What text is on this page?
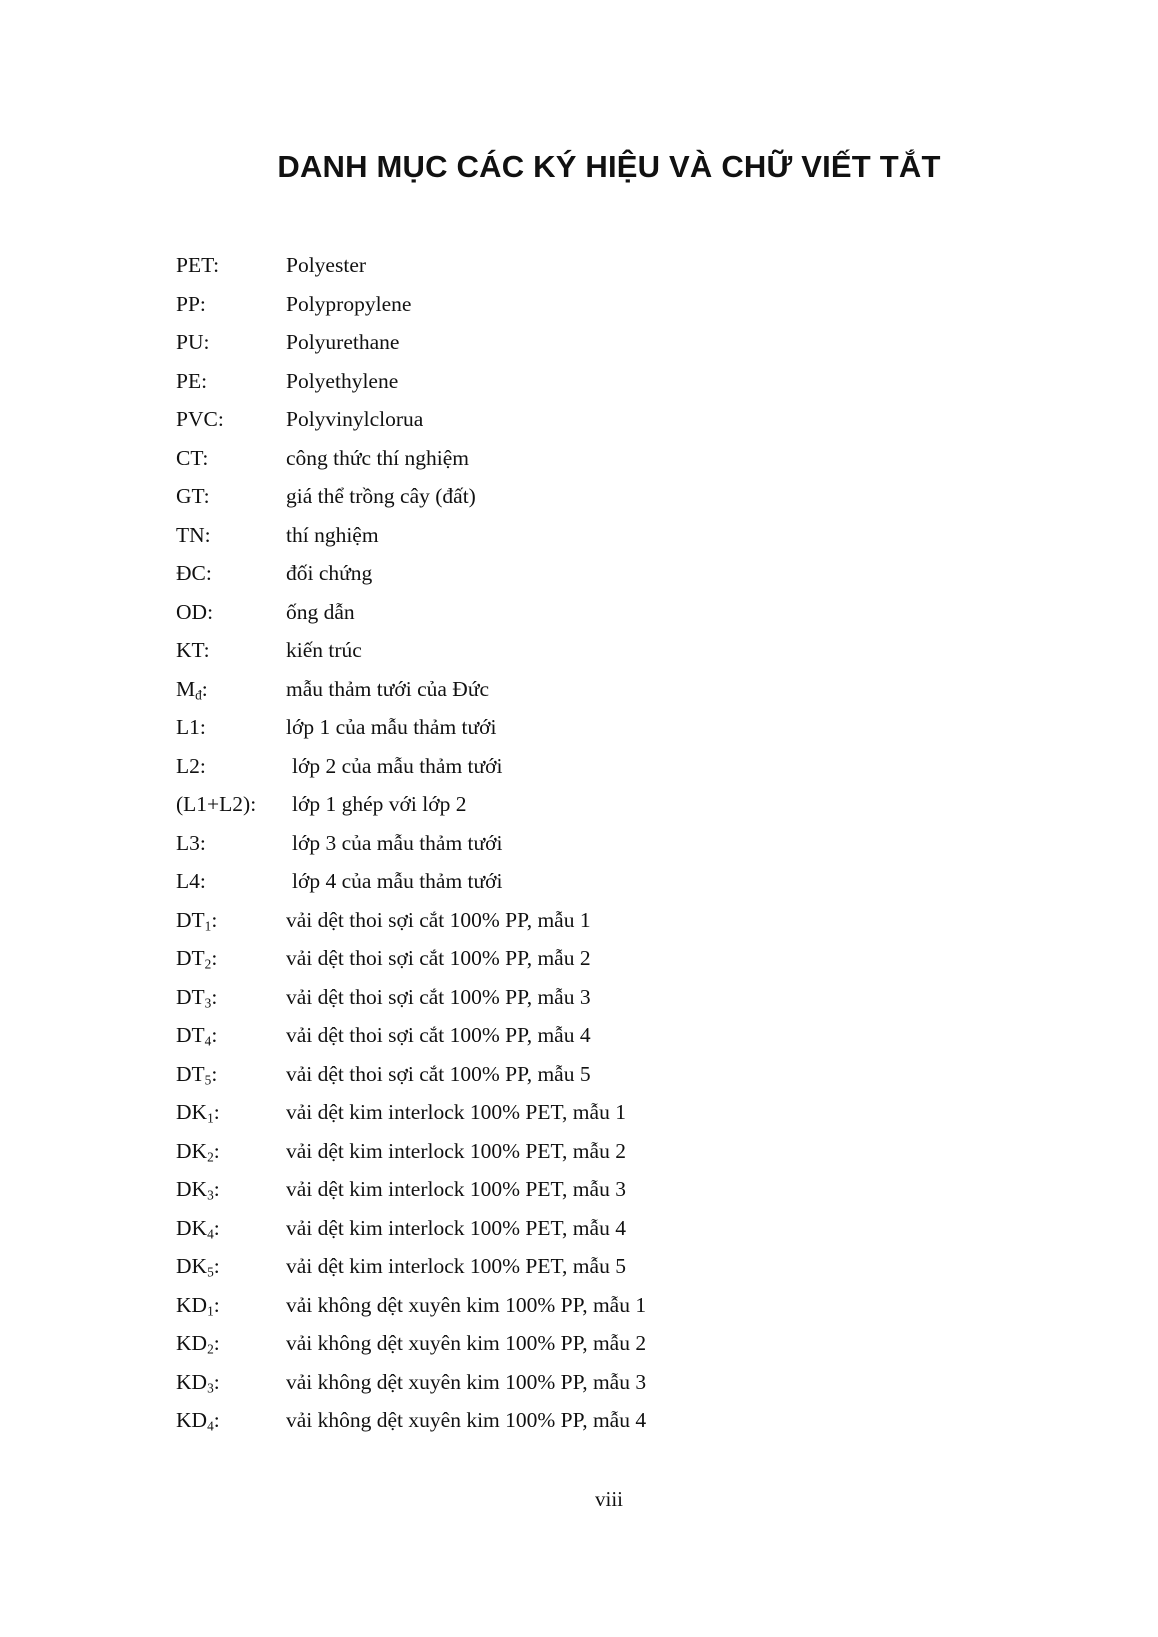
DANH MỤC CÁC KÝ HIỆU VÀ CHỮ VIẾT TẮT
PET:	Polyester
PP:	Polypropylene
PU:	Polyurethane
PE:	Polyethylene
PVC:	Polyvinylclorua
CT:	công thức thí nghiệm
GT:	giá thể trồng cây (đất)
TN:	thí nghiệm
ĐC:	đối chứng
OD:	ống dẫn
KT:	kiến trúc
$M_đ$:	mẫu thảm tưới của Đức
L1:	lớp 1 của mẫu thảm tưới
L2:	lớp 2 của mẫu thảm tưới
(L1+L2): lớp 1 ghép với lớp 2
L3:	lớp 3 của mẫu thảm tưới
L4:	lớp 4 của mẫu thảm tưới
$DT_1$:	vải dệt thoi sợi cắt 100% PP, mẫu 1
$DT_2$:	vải dệt thoi sợi cắt 100% PP, mẫu 2
$DT_3$:	vải dệt thoi sợi cắt 100% PP, mẫu 3
$DT_4$:	vải dệt thoi sợi cắt 100% PP, mẫu 4
$DT_5$:	vải dệt thoi sợi cắt 100% PP, mẫu 5
$DK_1$:	vải dệt kim interlock 100% PET, mẫu 1
$DK_2$:	vải dệt kim interlock 100% PET, mẫu 2
$DK_3$:	vải dệt kim interlock 100% PET, mẫu 3
$DK_4$:	vải dệt kim interlock 100% PET, mẫu 4
$DK_5$:	vải dệt kim interlock 100% PET, mẫu 5
$KD_1$:	vải không dệt xuyên kim 100% PP, mẫu 1
$KD_2$:	vải không dệt xuyên kim 100% PP, mẫu 2
$KD_3$:	vải không dệt xuyên kim 100% PP, mẫu 3
$KD_4$:	vải không dệt xuyên kim 100% PP, mẫu 4
viii
